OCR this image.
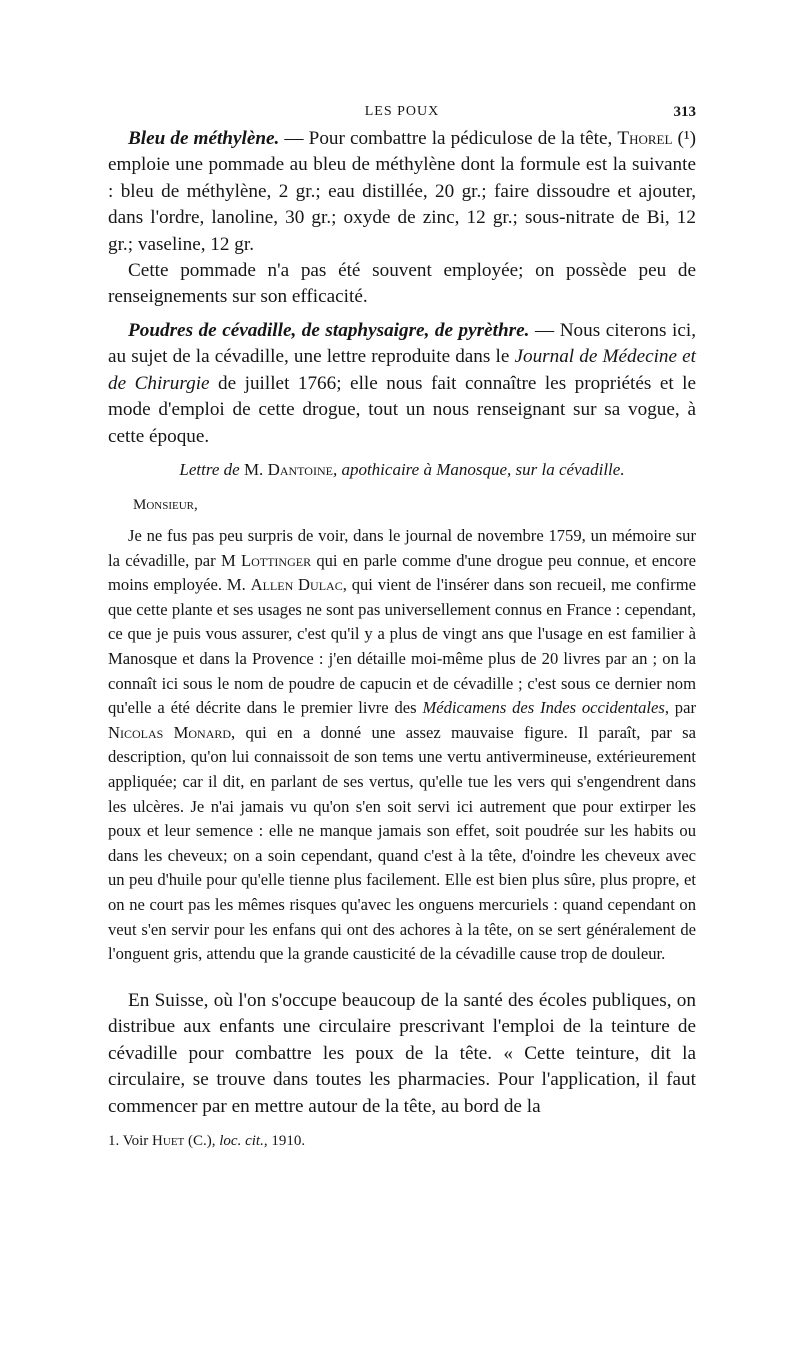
LES POUX	313

Bleu de méthylène. — Pour combattre la pédiculose de la tête, Thorel (¹) emploie une pommade au bleu de méthylène dont la formule est la suivante : bleu de méthylène, 2 gr.; eau distillée, 20 gr.; faire dissoudre et ajouter, dans l'ordre, lanoline, 30 gr.; oxyde de zinc, 12 gr.; sous-nitrate de Bi, 12 gr.; vaseline, 12 gr.

Cette pommade n'a pas été souvent employée; on possède peu de renseignements sur son efficacité.

Poudres de cévadille, de staphysaigre, de pyrèthre. — Nous citerons ici, au sujet de la cévadille, une lettre reproduite dans le Journal de Médecine et de Chirurgie de juillet 1766; elle nous fait connaître les propriétés et le mode d'emploi de cette drogue, tout un nous renseignant sur sa vogue, à cette époque.

Lettre de M. Dantoine, apothicaire à Manosque, sur la cévadille.
Monsieur,

Je ne fus pas peu surpris de voir, dans le journal de novembre 1759, un mémoire sur la cévadille, par M Lottinger qui en parle comme d'une drogue peu connue, et encore moins employée. M. Allen Dulac, qui vient de l'insérer dans son recueil, me confirme que cette plante et ses usages ne sont pas universellement connus en France : cependant, ce que je puis vous assurer, c'est qu'il y a plus de vingt ans que l'usage en est familier à Manosque et dans la Provence : j'en détaille moi-même plus de 20 livres par an ; on la connaît ici sous le nom de poudre de capucin et de cévadille ; c'est sous ce dernier nom qu'elle a été décrite dans le premier livre des Médicamens des Indes occidentales, par Nicolas Monard, qui en a donné une assez mauvaise figure. Il paraît, par sa description, qu'on lui connaissoit de son tems une vertu antivermineuse, extérieurement appliquée; car il dit, en parlant de ses vertus, qu'elle tue les vers qui s'engendrent dans les ulcères. Je n'ai jamais vu qu'on s'en soit servi ici autrement que pour extirper les poux et leur semence : elle ne manque jamais son effet, soit poudrée sur les habits ou dans les cheveux; on a soin cependant, quand c'est à la tête, d'oindre les cheveux avec un peu d'huile pour qu'elle tienne plus facilement. Elle est bien plus sûre, plus propre, et on ne court pas les mêmes risques qu'avec les onguens mercuriels : quand cependant on veut s'en servir pour les enfans qui ont des achores à la tête, on se sert généralement de l'onguent gris, attendu que la grande causticité de la cévadille cause trop de douleur.

En Suisse, où l'on s'occupe beaucoup de la santé des écoles publiques, on distribue aux enfants une circulaire prescrivant l'emploi de la teinture de cévadille pour combattre les poux de la tête. « Cette teinture, dit la circulaire, se trouve dans toutes les pharmacies. Pour l'application, il faut commencer par en mettre autour de la tête, au bord de la

1. Voir Huet (C.), loc. cit., 1910.
